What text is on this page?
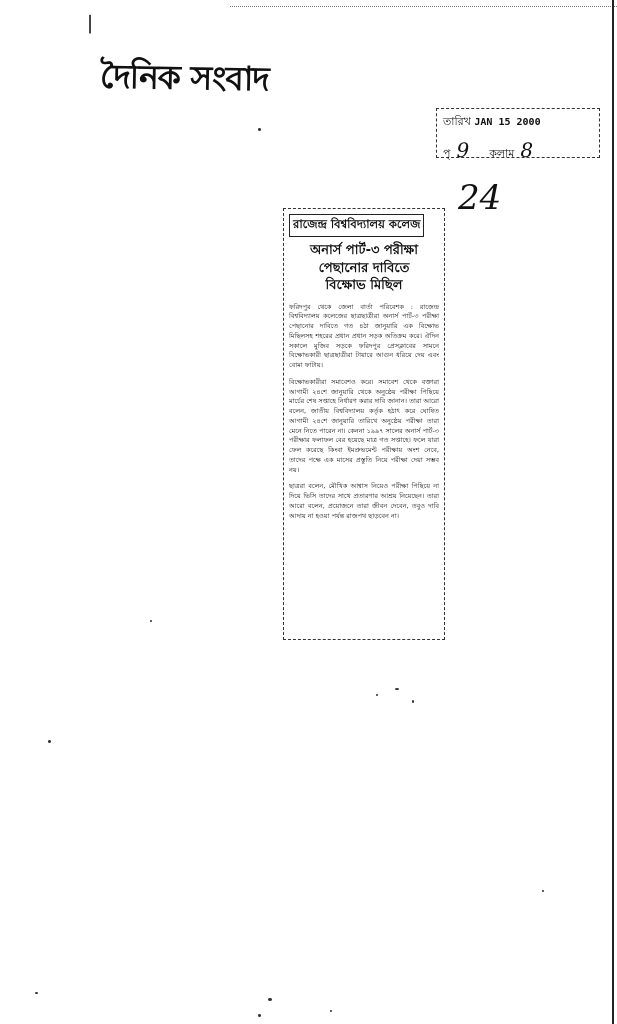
ᛁ
দৈনিক সংবাদ
তারিখ JAN 15 2000
পৃ 9 কলাম 8
24
রাজেন্দ্র বিশ্ববিদ্যালয় কলেজ
অনার্স পার্ট-৩ পরীক্ষা
পেছানোর দাবিতে
বিক্ষোভ মিছিল

ফরিদপুর থেকে জেলা বার্তা পরিবেশক : রাজেন্দ্র বিশ্ববিদ্যালয় কলেজের ছাত্রছাত্রীরা অনার্স পার্ট-৩ পরীক্ষা পেছানোর দাবিতে গত ৪ঠা জানুয়ারি এক বিক্ষোভ মিছিলসহ শহরের প্রধান প্রধান সড়ক অতিক্রম করে। ঐদিন সকালে মুজিব সড়কে ফরিদপুর প্রেসক্লাবের সামনে বিক্ষোভকারী ছাত্রছাত্রীরা টায়ারে আগুন ধরিয়ে দেয় এবং বোমা ফাটায়।

বিক্ষোভকারীরা সমাবেশও করে। সমাবেশ থেকে বক্তারা আগামী ২৪শে জানুয়ারি থেকে অনুষ্ঠেয় পরীক্ষা পিছিয়ে মার্চের শেষ সপ্তাহে নির্ধারণ করার দাবি জানান। তারা আরো বলেন, জাতীয় বিশ্ববিদ্যালয় কর্তৃক হঠাৎ করে ঘোষিত আগামী ২৪শে জানুয়ারি তারিখে অনুষ্ঠেয় পরীক্ষা তারা মেনে নিতে পারেন না। কেননা ১৯৯৭ সালের অনার্স পার্ট-৩ পরীক্ষার ফলাফল বের হয়েছে মাত্র গত সপ্তাহে। ফলে যারা ফেল করেছে কিংবা ইমপ্রুভমেন্ট পরীক্ষায় অংশ নেবে, তাদের পক্ষে এক মাসের প্রস্তুতি নিয়ে পরীক্ষা দেয়া সম্ভব নয়।

ছাত্ররা বলেন, মৌখিক আশ্বাস নিয়েও পরীক্ষা পিছিয়ে না দিয়ে ভিসি তাদের সাথে প্রতারণার আশ্রয় নিয়েছেন। তারা আরো বলেন, প্রয়োজনে তারা জীবন দেবেন, তবুও দাবি আদায় না হওয়া পর্যন্ত রাজপথ ছাড়বেন না।
